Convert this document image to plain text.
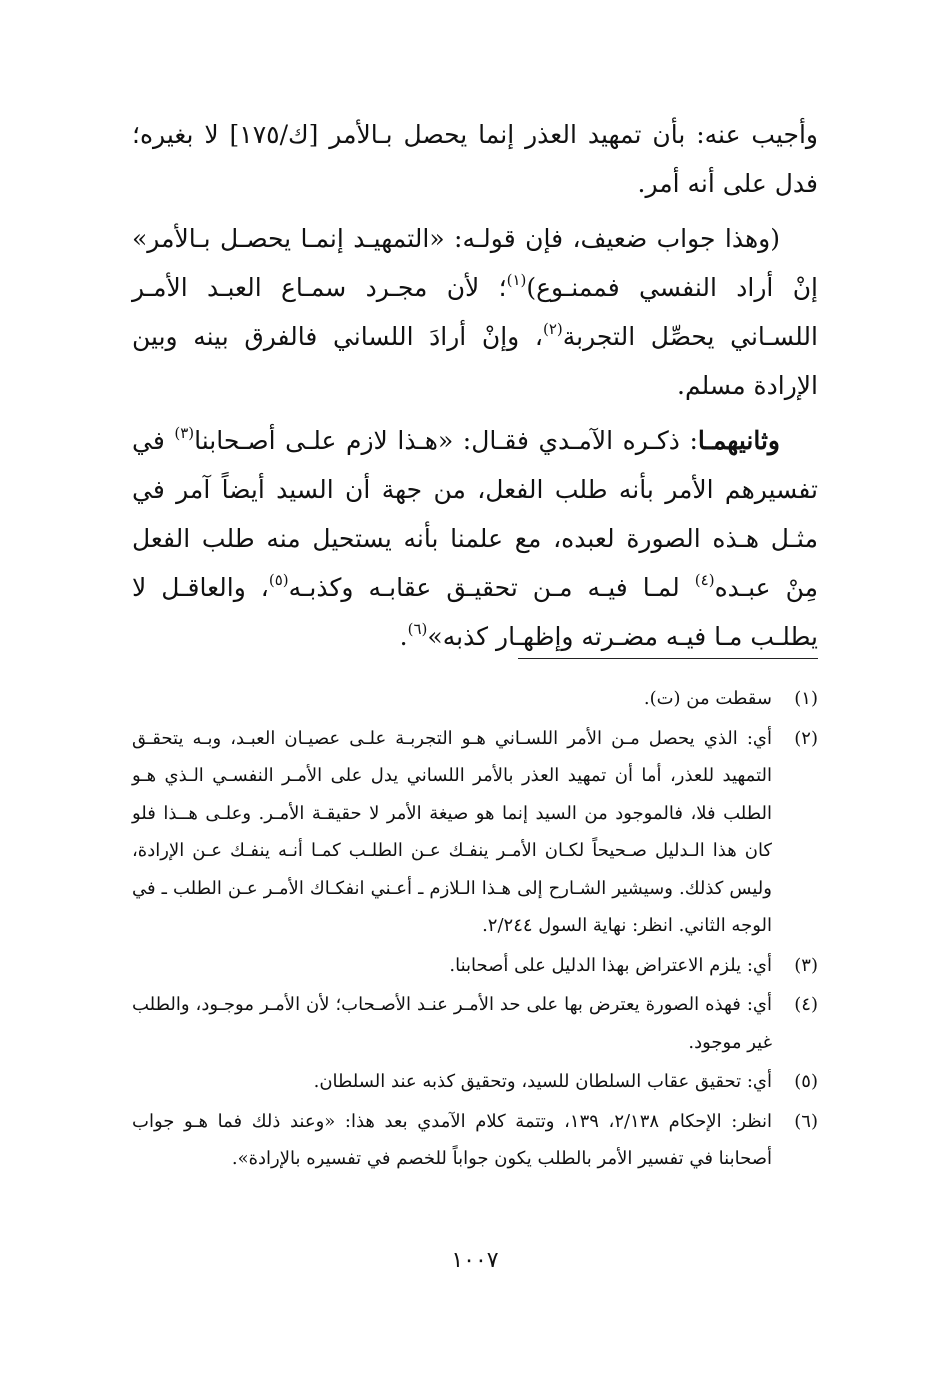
وأجيب عنه: بأن تمهيد العذر إنما يحصل بـالأمر [ك/١٧٥] لا بغيره؛ فدل على أنه أمر.

(وهذا جواب ضعيف، فإن قولـه: «التمهيـد إنمـا يحصـل بـالأمر» إنْ أراد النفسي فممنـوع)$^{(١)}$؛ لأن مجـرد سمـاع العبـد الأمـر اللسـاني يحصِّل التجربة$^{(٢)}$، وإنْ أرادَ اللساني فالفرق بينه وبين الإرادة مسلم.

وثانيهمـا: ذكـره الآمـدي فقـال: «هـذا لازم علـى أصـحابنا$^{(٣)}$ في تفسيرهم الأمر بأنه طلب الفعل، من جهة أن السيد أيضاً آمر في مثـل هـذه الصورة لعبده، مع علمنا بأنه يستحيل منه طلب الفعل مِنْ عبـده$^{(٤)}$ لمـا فيـه مـن تحقيـق عقابـه وكذبـه$^{(٥)}$، والعاقـل لا يطلـب مـا فيـه مضـرته وإظهـار كذبه»$^{(٦)}$.

(١)
سقطت من (ت).
(٢)
أي: الذي يحصل مـن الأمر اللسـاني هـو التجربـة علـى عصيـان العبـد، وبـه يتحقـق التمهيد للعذر، أما أن تمهيد العذر بالأمر اللساني يدل على الأمـر النفسـي الـذي هـو الطلب فلا، فالموجود من السيد إنما هو صيغة الأمر لا حقيقـة الأمـر. وعلـى هــذا فلو كان هذا الـدليل صـحيحاً لكـان الأمـر ينفـك عـن الطلـب كمـا أنـه ينفـك عـن الإرادة، وليس كذلك. وسيشير الشـارح إلى هـذا الـلازم ـ أعـني انفكـاك الأمـر عـن الطلب ـ في الوجه الثاني. انظر: نهاية السول ٢/٢٤٤.
(٣)
أي: يلزم الاعتراض بهذا الدليل على أصحابنا.
(٤)
أي: فهذه الصورة يعترض بها على حد الأمـر عنـد الأصـحاب؛ لأن الأمـر موجـود، والطلب غير موجود.
(٥)
أي: تحقيق عقاب السلطان للسيد، وتحقيق كذبه عند السلطان.
(٦)
انظر: الإحكام ٢/١٣٨، ١٣٩، وتتمة كلام الآمدي بعد هذا: «وعند ذلك فما هـو جواب أصحابنا في تفسير الأمر بالطلب يكون جواباً للخصم في تفسيره بالإرادة».
١٠٠٧
